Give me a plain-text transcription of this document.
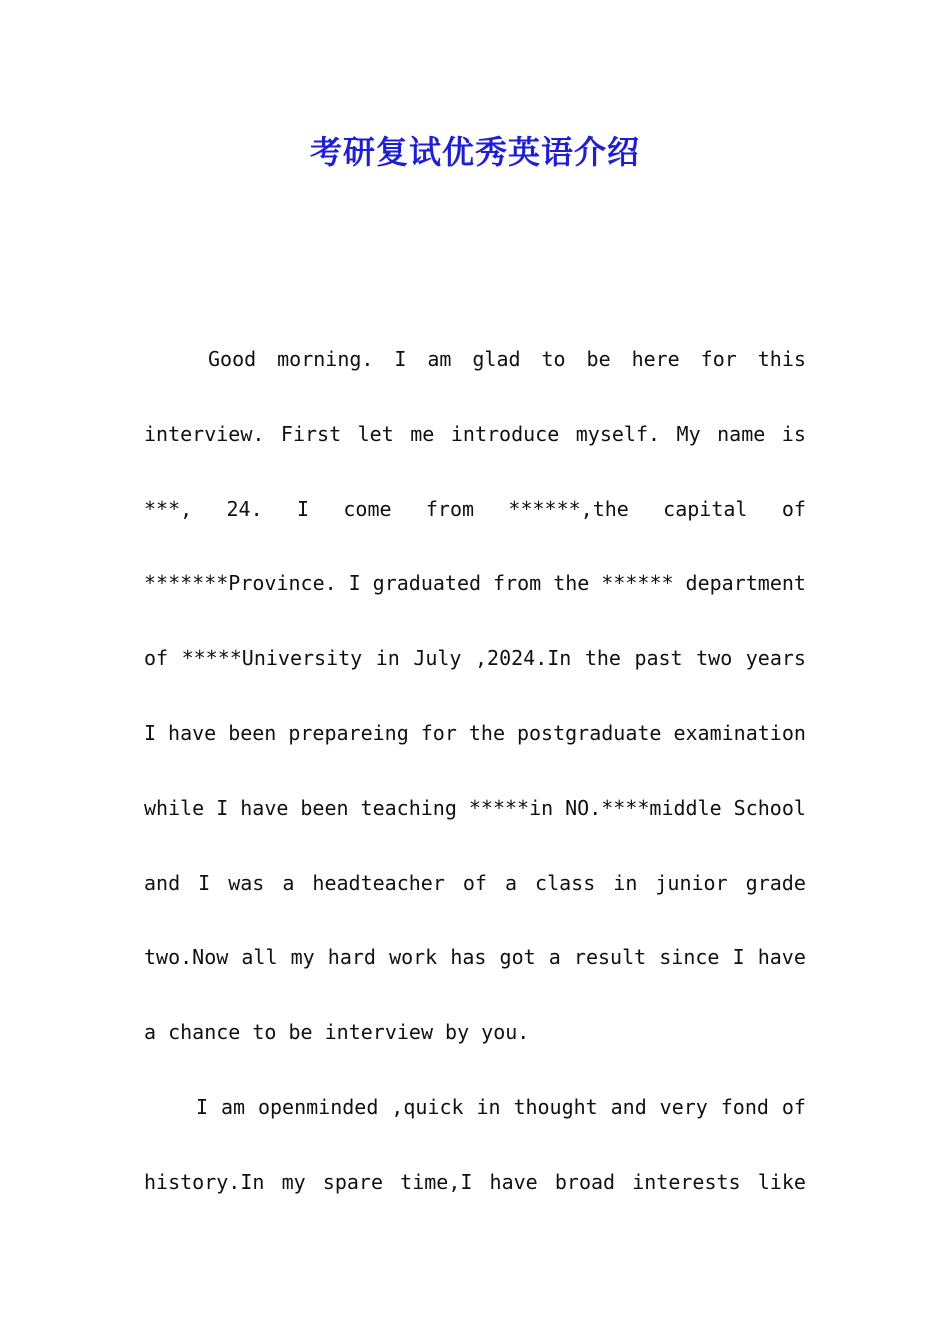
考研复试优秀英语介绍
Good morning. I am glad to be here for this
interview. First let me introduce myself. My name is
***, 24. I come from ******,the capital of
*******Province. I graduated from the ****** department
of *****University in July ,2024.In the past two years
I have been prepareing for the postgraduate examination
while I have been teaching *****in NO.****middle School
and I was a headteacher of a class in junior grade
two.Now all my hard work has got a result since I have
a chance to be interview by you.
I am openminded ,quick in thought and very fond of
history.In my spare time,I have broad interests like
